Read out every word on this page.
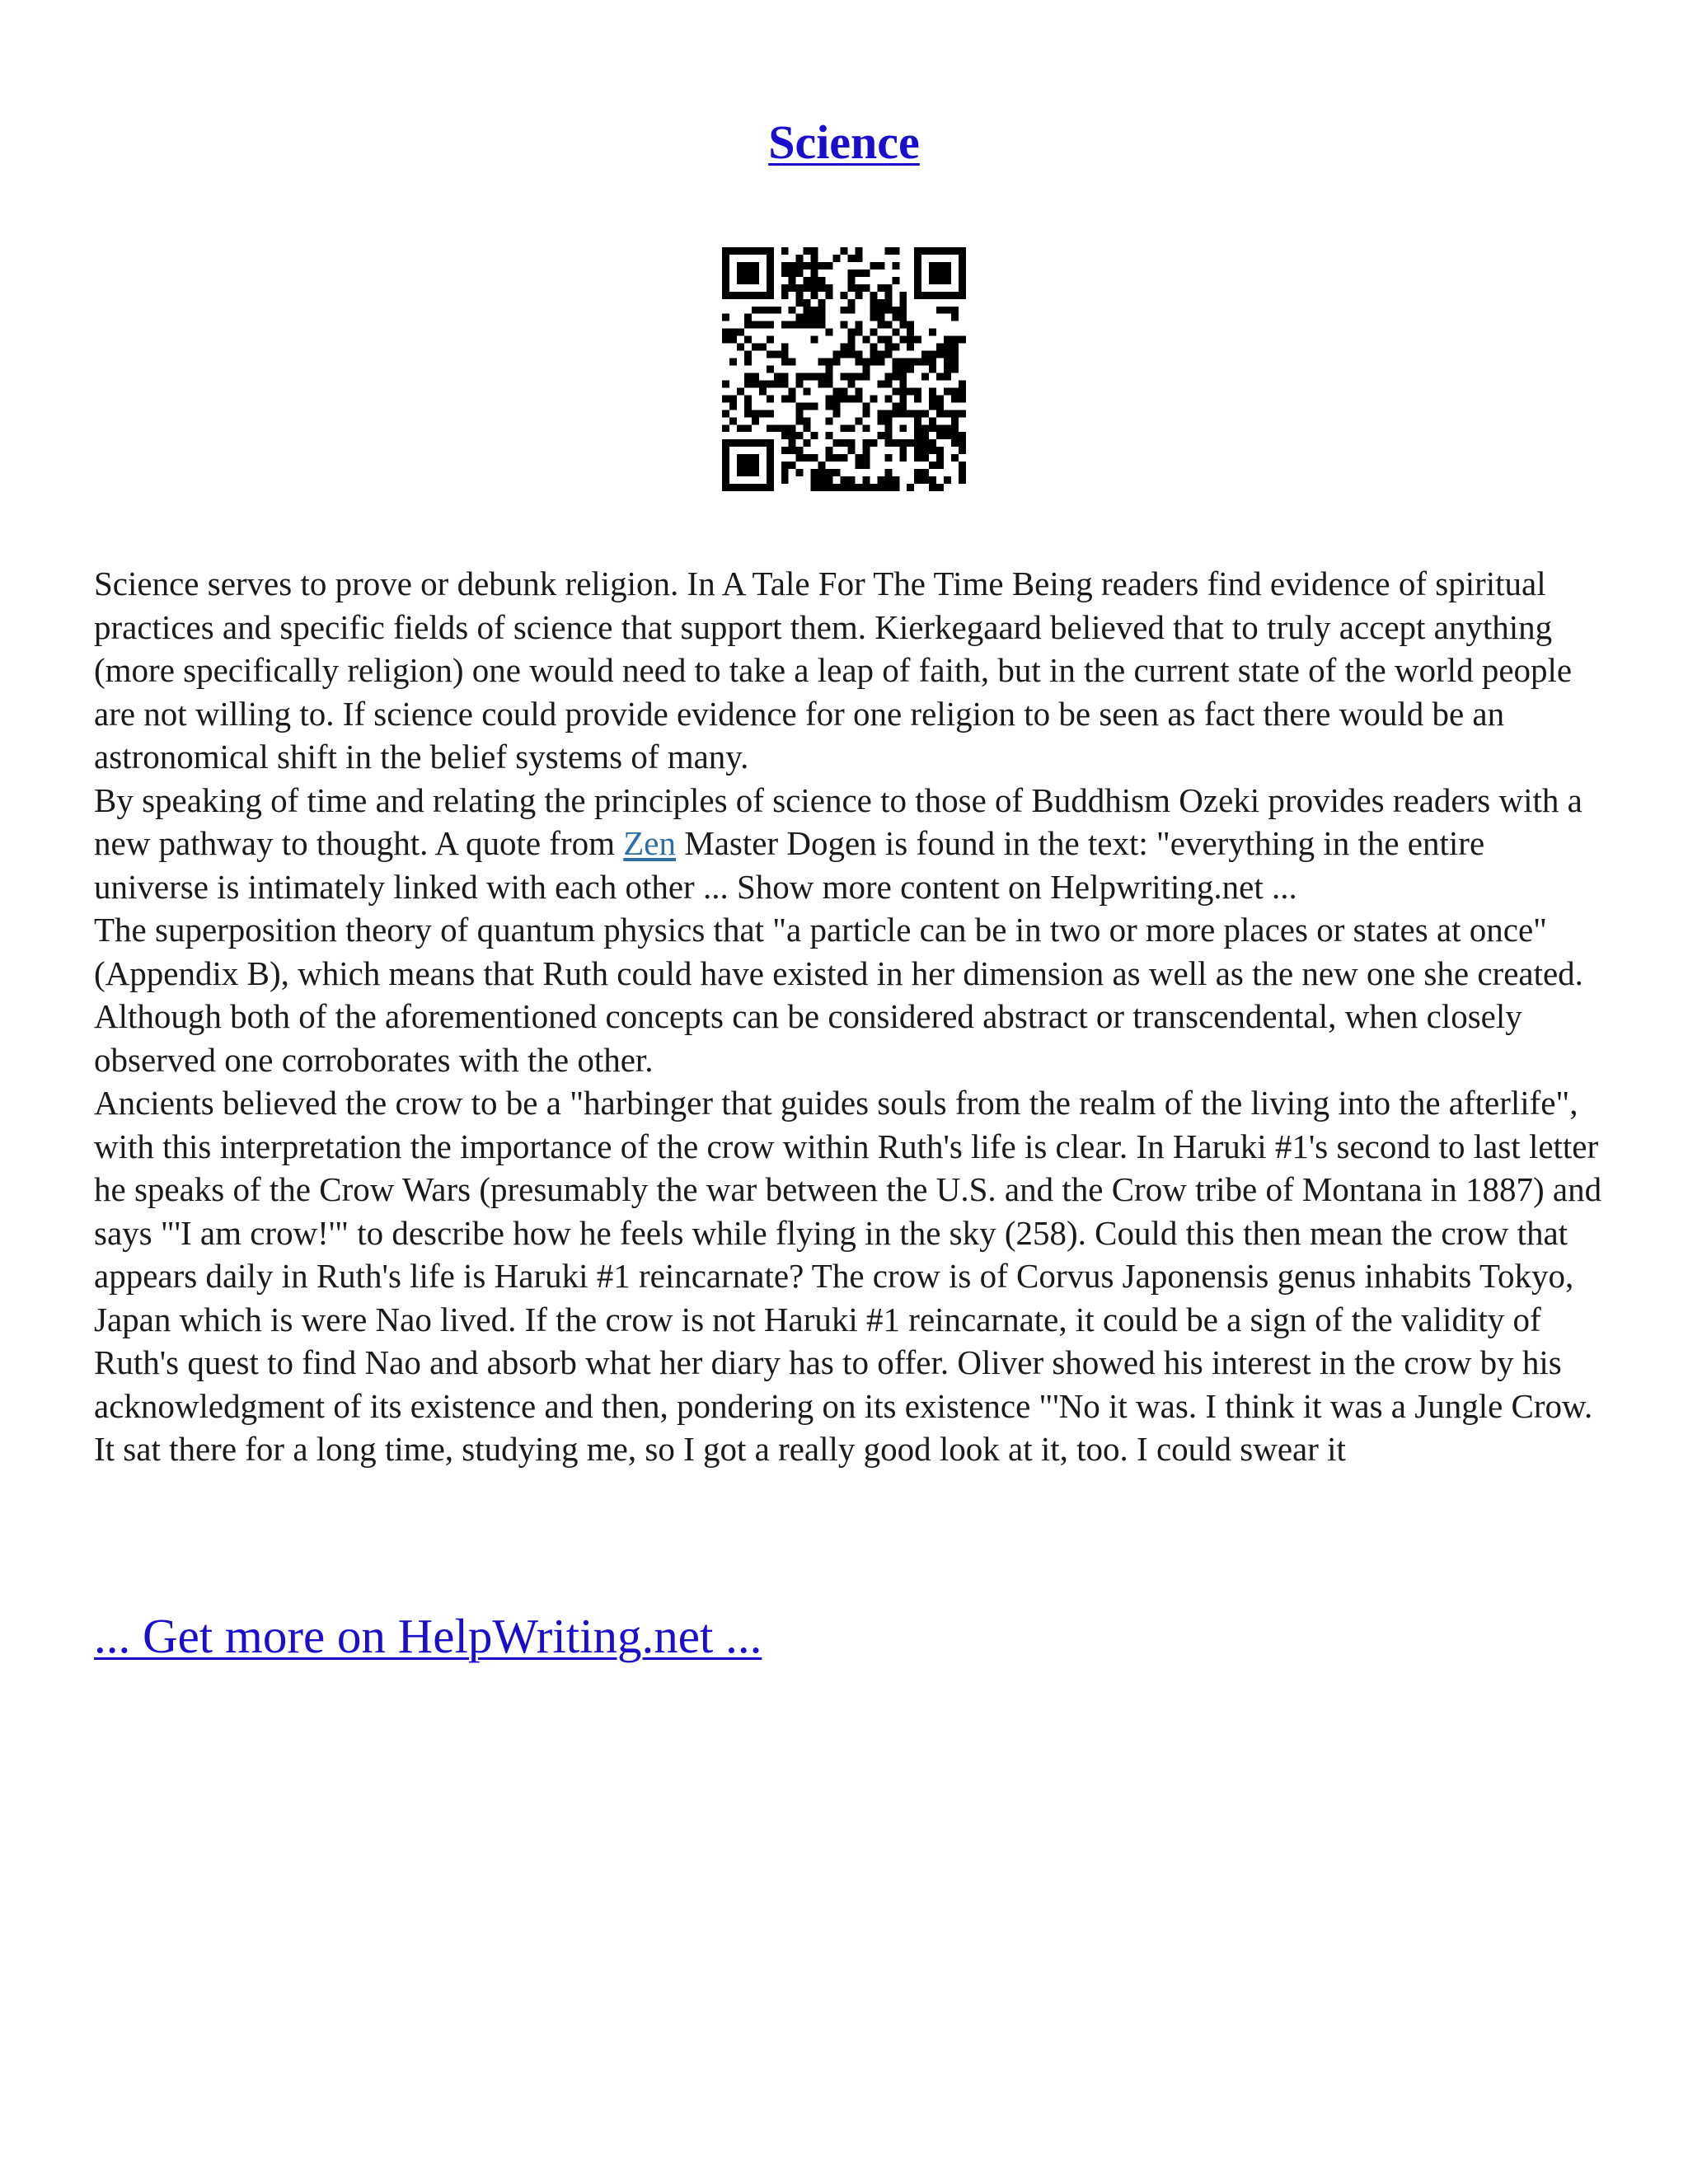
Science

Science serves to prove or debunk religion. In A Tale For The Time Being readers find evidence of spiritual practices and specific fields of science that support them. Kierkegaard believed that to truly accept anything (more specifically religion) one would need to take a leap of faith, but in the current state of the world people are not willing to. If science could provide evidence for one religion to be seen as fact there would be an astronomical shift in the belief systems of many.

By speaking of time and relating the principles of science to those of Buddhism Ozeki provides readers with a new pathway to thought. A quote from Zen Master Dogen is found in the text: "everything in the entire universe is intimately linked with each other ... Show more content on Helpwriting.net ...

The superposition theory of quantum physics that "a particle can be in two or more places or states at once" (Appendix B), which means that Ruth could have existed in her dimension as well as the new one she created. Although both of the aforementioned concepts can be considered abstract or transcendental, when closely observed one corroborates with the other.

Ancients believed the crow to be a "harbinger that guides souls from the realm of the living into the afterlife", with this interpretation the importance of the crow within Ruth's life is clear. In Haruki #1's second to last letter he speaks of the Crow Wars (presumably the war between the U.S. and the Crow tribe of Montana in 1887) and says "'I am crow!'" to describe how he feels while flying in the sky (258). Could this then mean the crow that appears daily in Ruth's life is Haruki #1 reincarnate? The crow is of Corvus Japonensis genus inhabits Tokyo, Japan which is were Nao lived. If the crow is not Haruki #1 reincarnate, it could be a sign of the validity of Ruth's quest to find Nao and absorb what her diary has to offer. Oliver showed his interest in the crow by his acknowledgment of its existence and then, pondering on its existence "'No it was. I think it was a Jungle Crow. It sat there for a long time, studying me, so I got a really good look at it, too. I could swear it

... Get more on HelpWriting.net ...
